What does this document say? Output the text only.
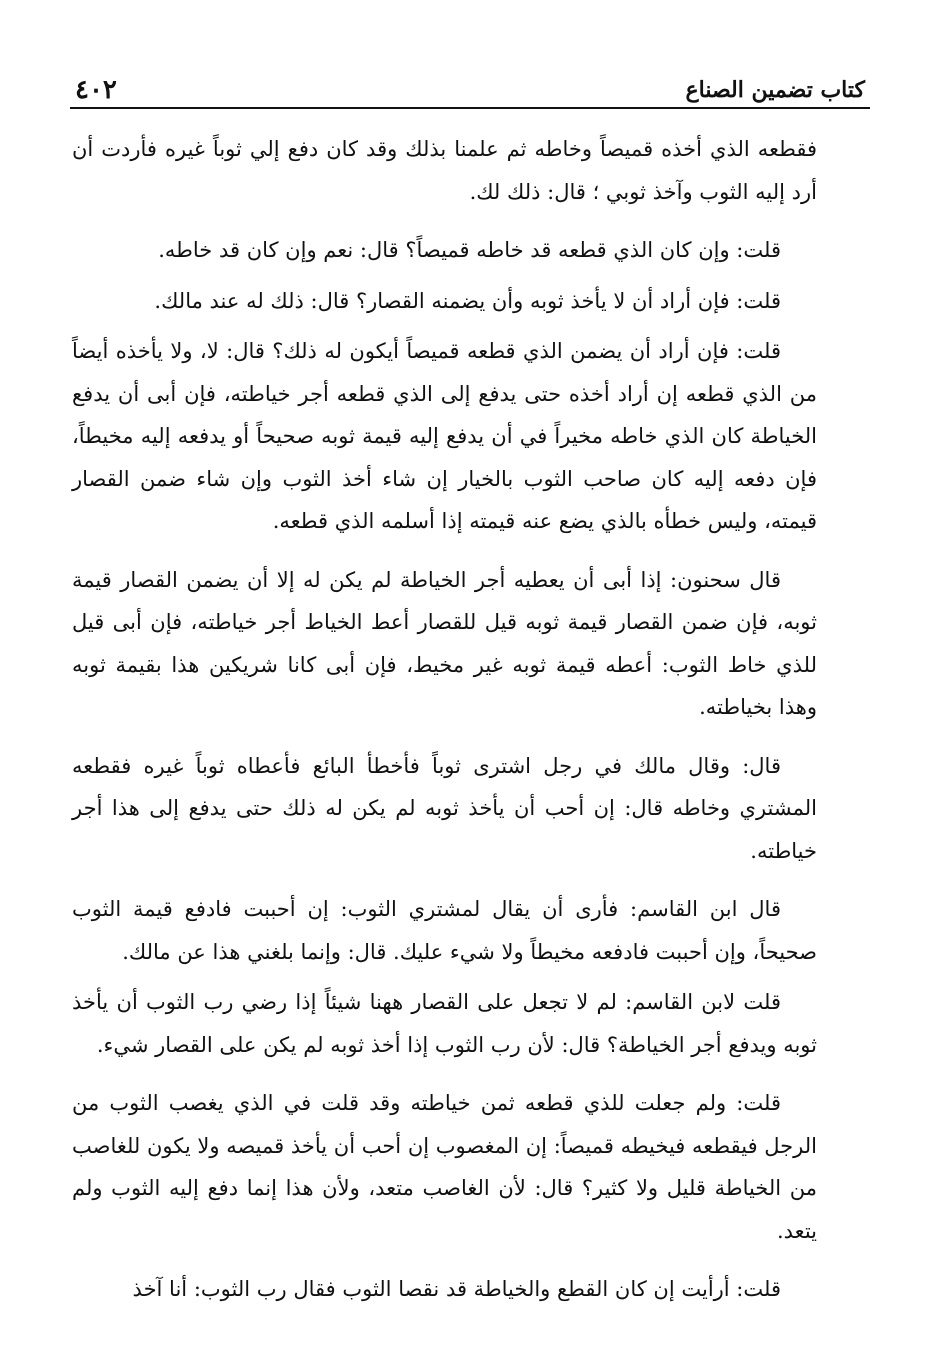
كتاب تضمين الصناع
٤٠٢

فقطعه الذي أخذه قميصاً وخاطه ثم علمنا بذلك وقد كان دفع إلي ثوباً غيره فأردت أن أرد إليه الثوب وآخذ ثوبي ؛ قال: ذلك لك.

قلت: وإن كان الذي قطعه قد خاطه قميصاً؟ قال: نعم وإن كان قد خاطه.

قلت: فإن أراد أن لا يأخذ ثوبه وأن يضمنه القصار؟ قال: ذلك له عند مالك.

قلت: فإن أراد أن يضمن الذي قطعه قميصاً أيكون له ذلك؟ قال: لا، ولا يأخذه أيضاً من الذي قطعه إن أراد أخذه حتى يدفع إلى الذي قطعه أجر خياطته، فإن أبى أن يدفع الخياطة كان الذي خاطه مخيراً في أن يدفع إليه قيمة ثوبه صحيحاً أو يدفعه إليه مخيطاً، فإن دفعه إليه كان صاحب الثوب بالخيار إن شاء أخذ الثوب وإن شاء ضمن القصار قيمته، وليس خطأه بالذي يضع عنه قيمته إذا أسلمه الذي قطعه.

قال سحنون: إذا أبى أن يعطيه أجر الخياطة لم يكن له إلا أن يضمن القصار قيمة ثوبه، فإن ضمن القصار قيمة ثوبه قيل للقصار أعط الخياط أجر خياطته، فإن أبى قيل للذي خاط الثوب: أعطه قيمة ثوبه غير مخيط، فإن أبى كانا شريكين هذا بقيمة ثوبه وهذا بخياطته.

قال: وقال مالك في رجل اشترى ثوباً فأخطأ البائع فأعطاه ثوباً غيره فقطعه المشتري وخاطه قال: إن أحب أن يأخذ ثوبه لم يكن له ذلك حتى يدفع إلى هذا أجر خياطته.

قال ابن القاسم: فأرى أن يقال لمشتري الثوب: إن أحببت فادفع قيمة الثوب صحيحاً، وإن أحببت فادفعه مخيطاً ولا شيء عليك. قال: وإنما بلغني هذا عن مالك.

قلت لابن القاسم: لم لا تجعل على القصار ههنا شيئاً إذا رضي رب الثوب أن يأخذ ثوبه ويدفع أجر الخياطة؟ قال: لأن رب الثوب إذا أخذ ثوبه لم يكن على القصار شيء.

قلت: ولم جعلت للذي قطعه ثمن خياطته وقد قلت في الذي يغصب الثوب من الرجل فيقطعه فيخيطه قميصاً: إن المغصوب إن أحب أن يأخذ قميصه ولا يكون للغاصب من الخياطة قليل ولا كثير؟ قال: لأن الغاصب متعد، ولأن هذا إنما دفع إليه الثوب ولم يتعد.

قلت: أرأيت إن كان القطع والخياطة قد نقصا الثوب فقال رب الثوب: أنا آخذ
